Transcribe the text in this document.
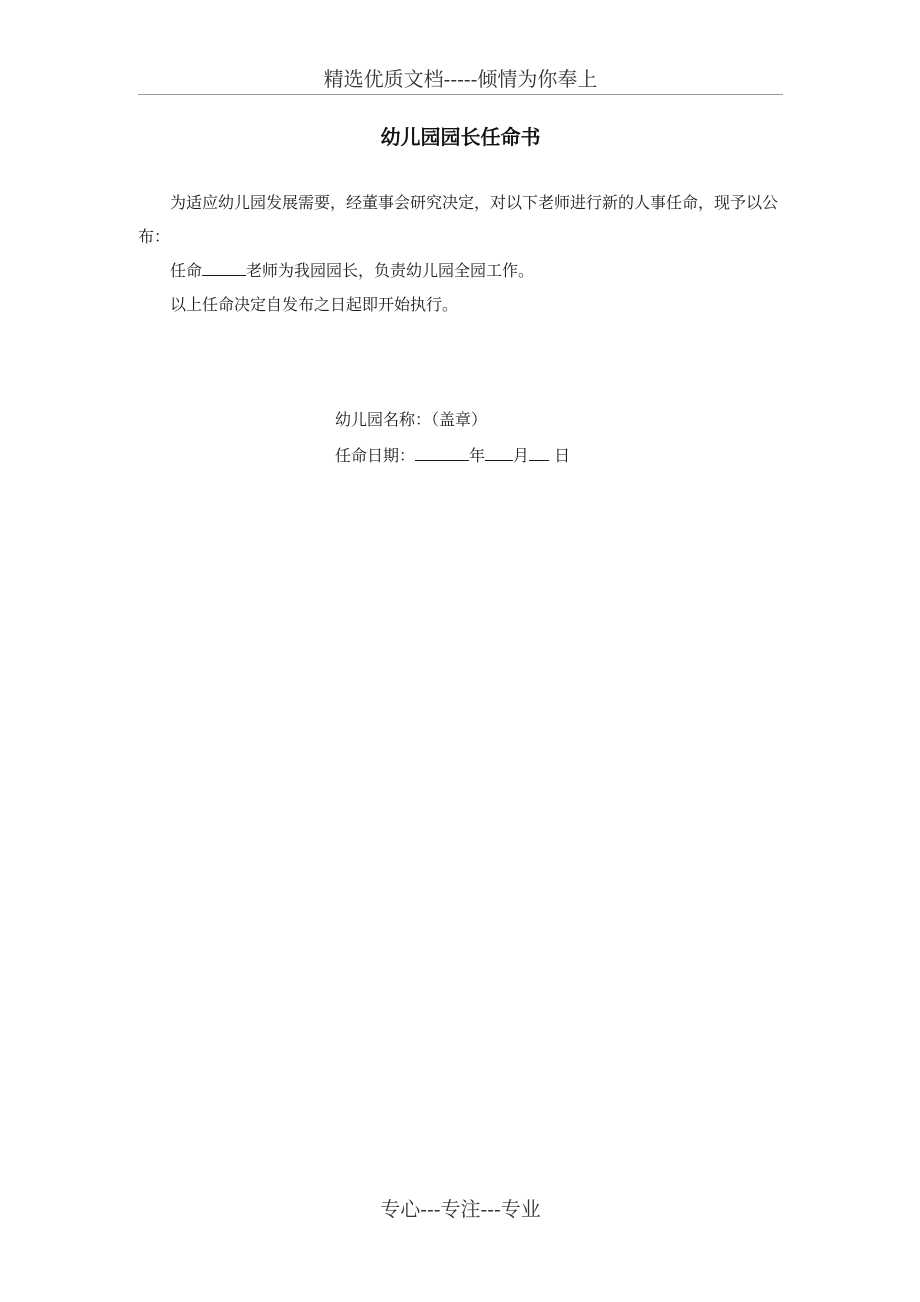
精选优质文档-----倾情为你奉上
幼儿园园长任命书

为适应幼儿园发展需要，经董事会研究决定，对以下老师进行新的人事任命，现予以公布：

任命	老师为我园园长，负责幼儿园全园工作。

以上任命决定自发布之日起即开始执行。

幼儿园名称：（盖章）
任命日期：	年 月 日
专心---专注---专业
